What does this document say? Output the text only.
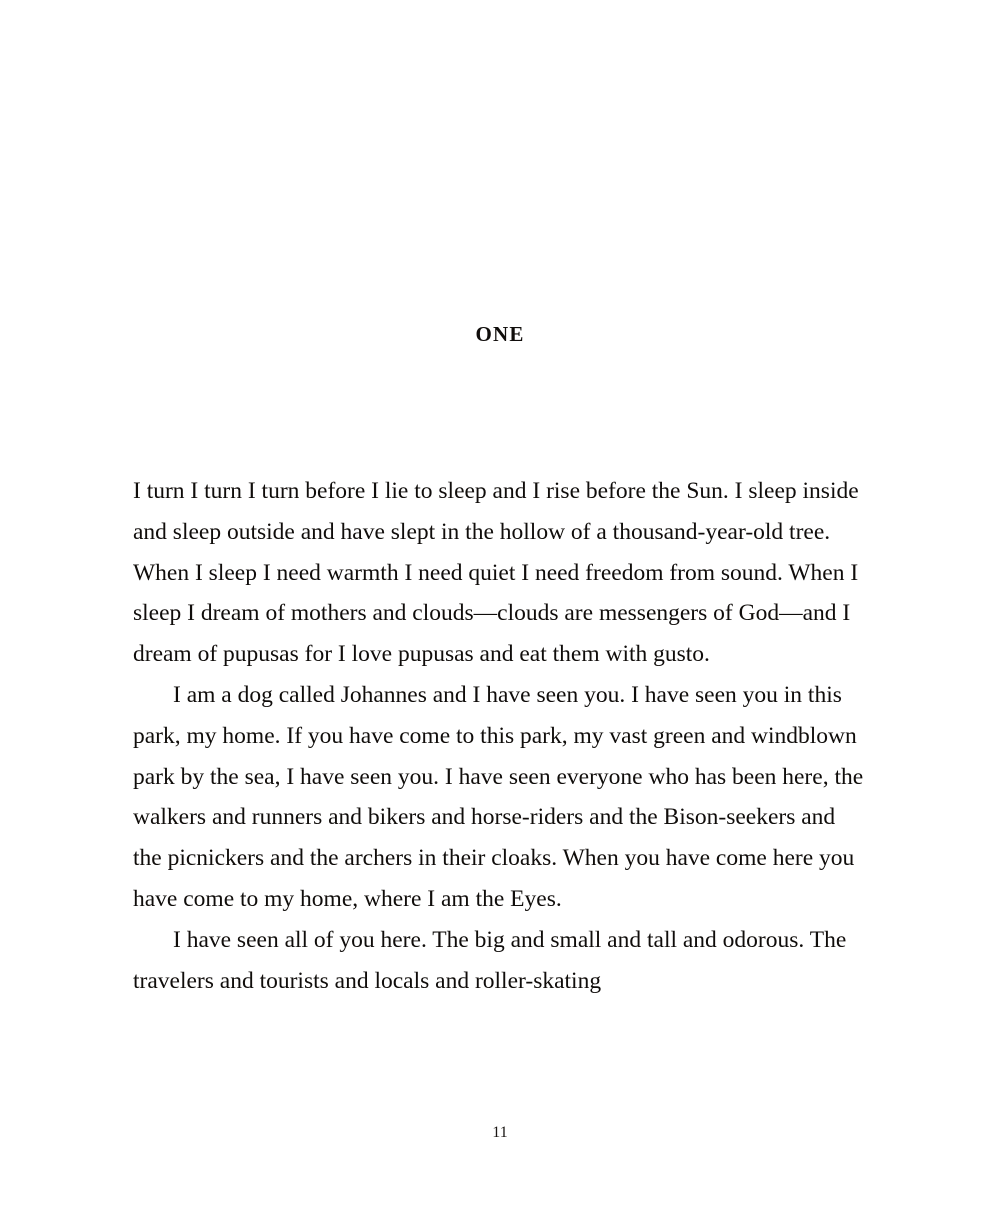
ONE

I turn I turn I turn before I lie to sleep and I rise before the Sun. I sleep inside and sleep outside and have slept in the hollow of a thousand-year-old tree. When I sleep I need warmth I need quiet I need freedom from sound. When I sleep I dream of mothers and clouds—clouds are messengers of God—and I dream of pupusas for I love pupusas and eat them with gusto.

I am a dog called Johannes and I have seen you. I have seen you in this park, my home. If you have come to this park, my vast green and windblown park by the sea, I have seen you. I have seen everyone who has been here, the walkers and runners and bikers and horse-riders and the Bison-seekers and the picnickers and the archers in their cloaks. When you have come here you have come to my home, where I am the Eyes.

I have seen all of you here. The big and small and tall and odorous. The travelers and tourists and locals and roller-skating

11
